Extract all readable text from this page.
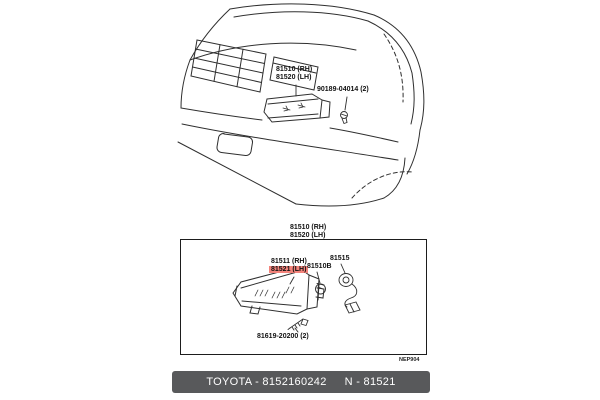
81510 (RH)
81520 (LH)
90189-04014 (2)
81510 (RH)
81520 (LH)
81511 (RH)
81521 (LH) 81510B
81515
81619-20200 (2)
NEP904
TOYOTA - 8152160242 N - 81521
